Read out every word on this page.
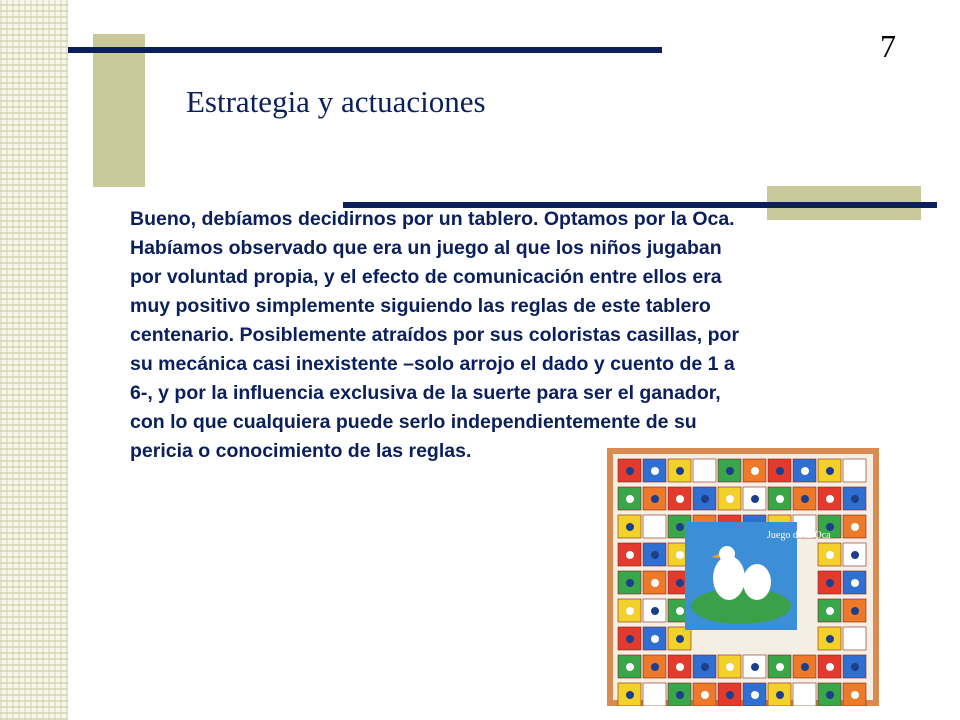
7
Estrategia y actuaciones
Bueno, debíamos decidirnos por un tablero. Optamos por la Oca.
Habíamos observado que era un juego al que los niños jugaban
por voluntad propia, y el efecto de comunicación entre ellos era
muy positivo simplemente siguiendo las reglas de este tablero
centenario. Posiblemente atraídos por sus coloristas casillas, por
su mecánica casi inexistente –solo arrojo el dado y cuento de 1 a
6-, y por la influencia exclusiva de la suerte para ser el ganador,
con lo que cualquiera puede serlo independientemente de su
pericia o conocimiento de las reglas.
Juego de la Oca
